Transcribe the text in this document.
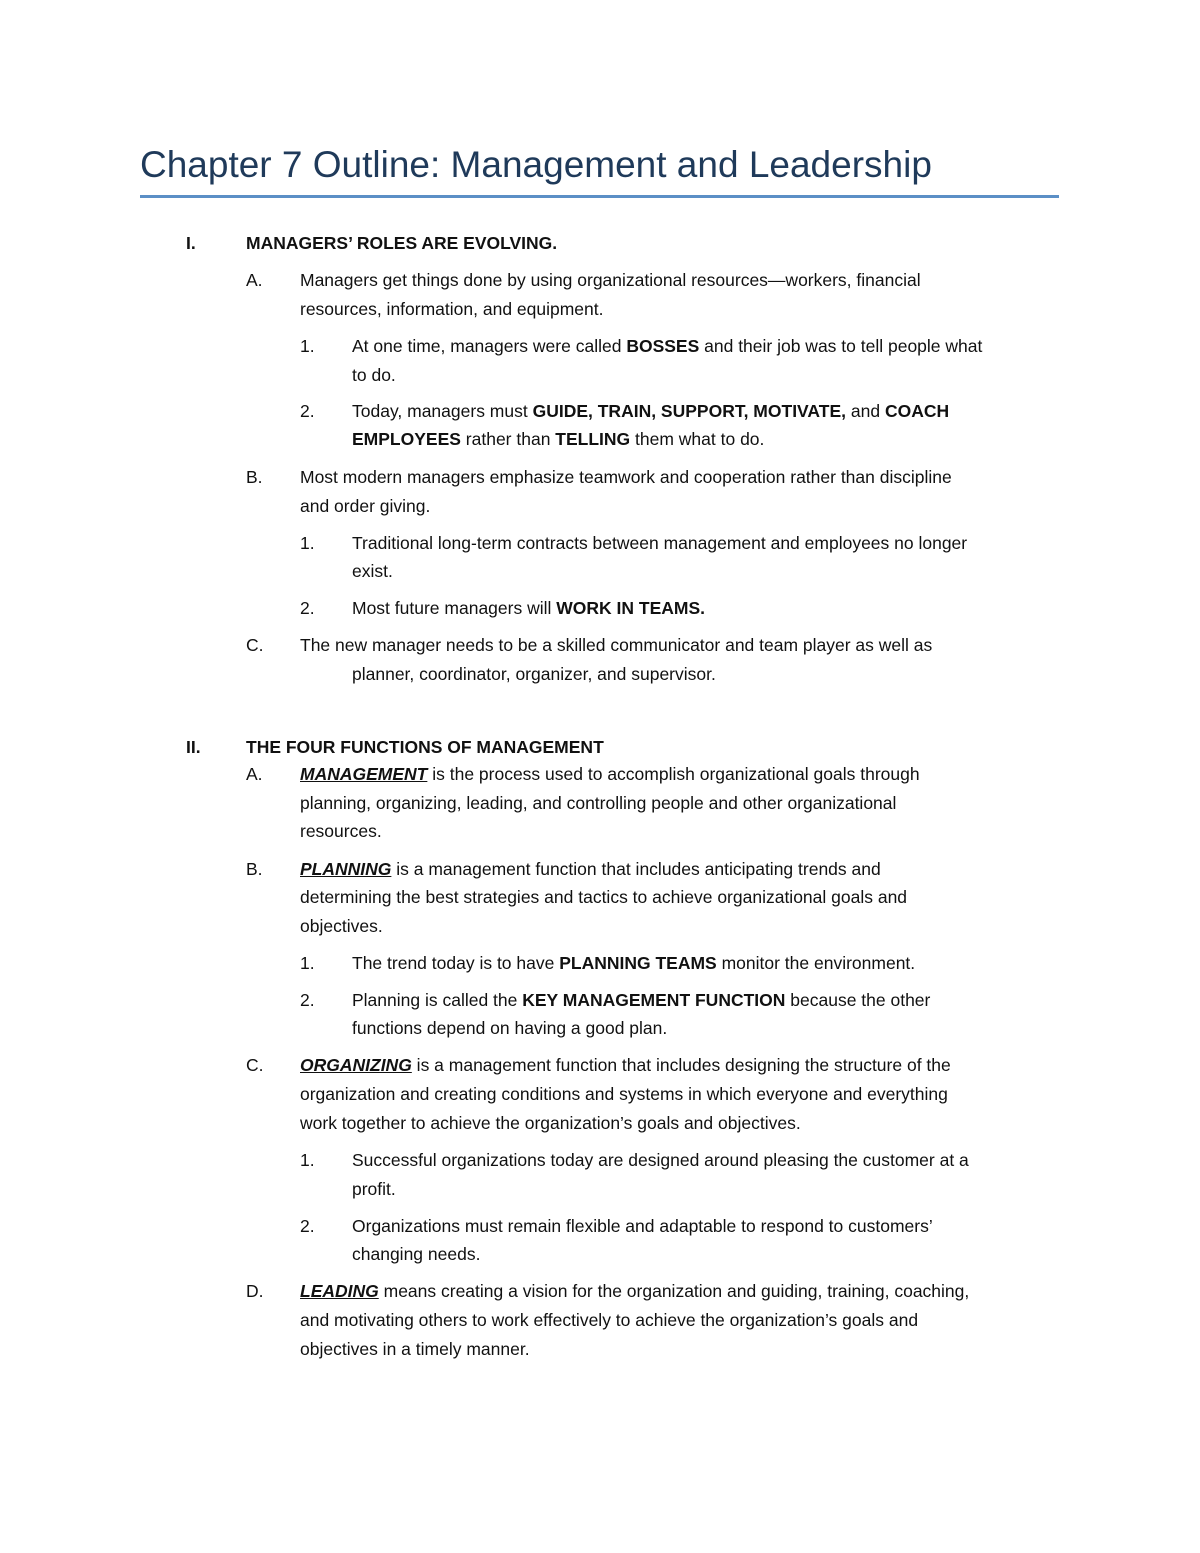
Chapter 7 Outline: Management and Leadership
I.	MANAGERS’ ROLES ARE EVOLVING.
A. Managers get things done by using organizational resources—workers, financial
resources, information, and equipment.
1. At one time, managers were called BOSSES and their job was to tell people what
to do.
2. Today, managers must GUIDE, TRAIN, SUPPORT, MOTIVATE, and COACH
EMPLOYEES rather than TELLING them what to do.
B. Most modern managers emphasize teamwork and cooperation rather than discipline
and order giving.
1. Traditional long-term contracts between management and employees no longer
exist.
2. Most future managers will WORK IN TEAMS.
C. The new manager needs to be a skilled communicator and team player as well as
planner, coordinator, organizer, and supervisor.
II.	THE FOUR FUNCTIONS OF MANAGEMENT
A. MANAGEMENT is the process used to accomplish organizational goals through
planning, organizing, leading, and controlling people and other organizational
resources.
B. PLANNING is a management function that includes anticipating trends and
determining the best strategies and tactics to achieve organizational goals and
objectives.
1. The trend today is to have PLANNING TEAMS monitor the environment.
2. Planning is called the KEY MANAGEMENT FUNCTION because the other
functions depend on having a good plan.
C. ORGANIZING is a management function that includes designing the structure of the
organization and creating conditions and systems in which everyone and everything
work together to achieve the organization’s goals and objectives.
1. Successful organizations today are designed around pleasing the customer at a
profit.
2. Organizations must remain flexible and adaptable to respond to customers’
changing needs.
D. LEADING means creating a vision for the organization and guiding, training, coaching,
and motivating others to work effectively to achieve the organization’s goals and
objectives in a timely manner.
